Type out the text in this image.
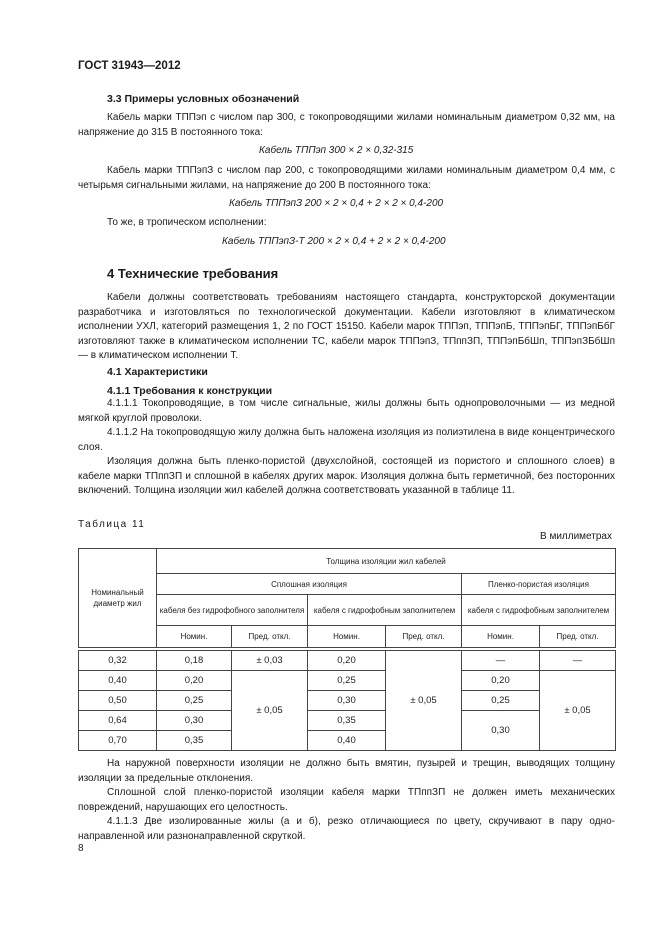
ГОСТ 31943—2012
3.3 Примеры условных обозначений
Кабель марки ТППэп с числом пар 300, с токопроводящими жилами номинальным диаметром 0,32 мм, на напряжение до 315 В постоянного тока:
Кабель ТППэп 300 × 2 × 0,32-315
Кабель марки ТППэпЗ с числом пар 200, с токопроводящими жилами номинальным диаметром 0,4 мм, с четырьмя сигнальными жилами, на напряжение до 200 В постоянного тока:
Кабель ТППэпЗ 200 × 2 × 0,4 + 2 × 2 × 0,4-200
То же, в тропическом исполнении:
Кабель ТППэпЗ-Т 200 × 2 × 0,4 + 2 × 2 × 0,4-200
4 Технические требования
Кабели должны соответствовать требованиям настоящего стандарта, конструкторской документации разработчика и изготовляться по технологической документации. Кабели изготовляют в климатическом исполнении УХЛ, категорий размещения 1, 2 по ГОСТ 15150. Кабели марок ТППэп, ТППэпБ, ТППэпБГ, ТППэпБбГ изготовляют также в климатическом исполнении ТС, кабели марок ТППэпЗ, ТПппЗП, ТППэпБбШп, ТППэпЗБбШп — в климатическом исполнении Т.
4.1 Характеристики
4.1.1 Требования к конструкции
4.1.1.1 Токопроводящие, в том числе сигнальные, жилы должны быть однопроволочными — из медной мягкой круглой проволоки.
4.1.1.2 На токопроводящую жилу должна быть наложена изоляция из полиэтилена в виде концентрического слоя.
Изоляция должна быть пленко-пористой (двухслойной, состоящей из пористого и сплошного слоев) в кабеле марки ТПппЗП и сплошной в кабелях других марок. Изоляция должна быть герметичной, без посторонних включений. Толщина изоляции жил кабелей должна соответствовать указанной в таблице 11.
Таблица 11
В миллиметрах
Номинальный диаметр жил	Толщина изоляции жил кабелей					
	Сплошная изоляция				Пленко-пористая изоляция	
	кабеля без гидрофобного заполнителя		кабеля с гидрофобным заполнителем		кабеля с гидрофобным заполнителем	
	Номин.	Пред. откл.	Номин.	Пред. откл.	Номин.	Пред. откл.

0,32	0,18	± 0,03	0,20	± 0,05	—	—
0,40	0,20	± 0,05	0,25		0,20	± 0,05
0,50	0,25		0,30		0,25	
0,64	0,30		0,35		0,30	
0,70	0,35		0,40			
На наружной поверхности изоляции не должно быть вмятин, пузырей и трещин, выводящих толщину изоляции за предельные отклонения.
Сплошной слой пленко-пористой изоляции кабеля марки ТПппЗП не должен иметь механических повреждений, нарушающих его целостность.
4.1.1.3 Две изолированные жилы (а и б), резко отличающиеся по цвету, скручивают в пару одно-направленной или разнонаправленной скруткой.
8
